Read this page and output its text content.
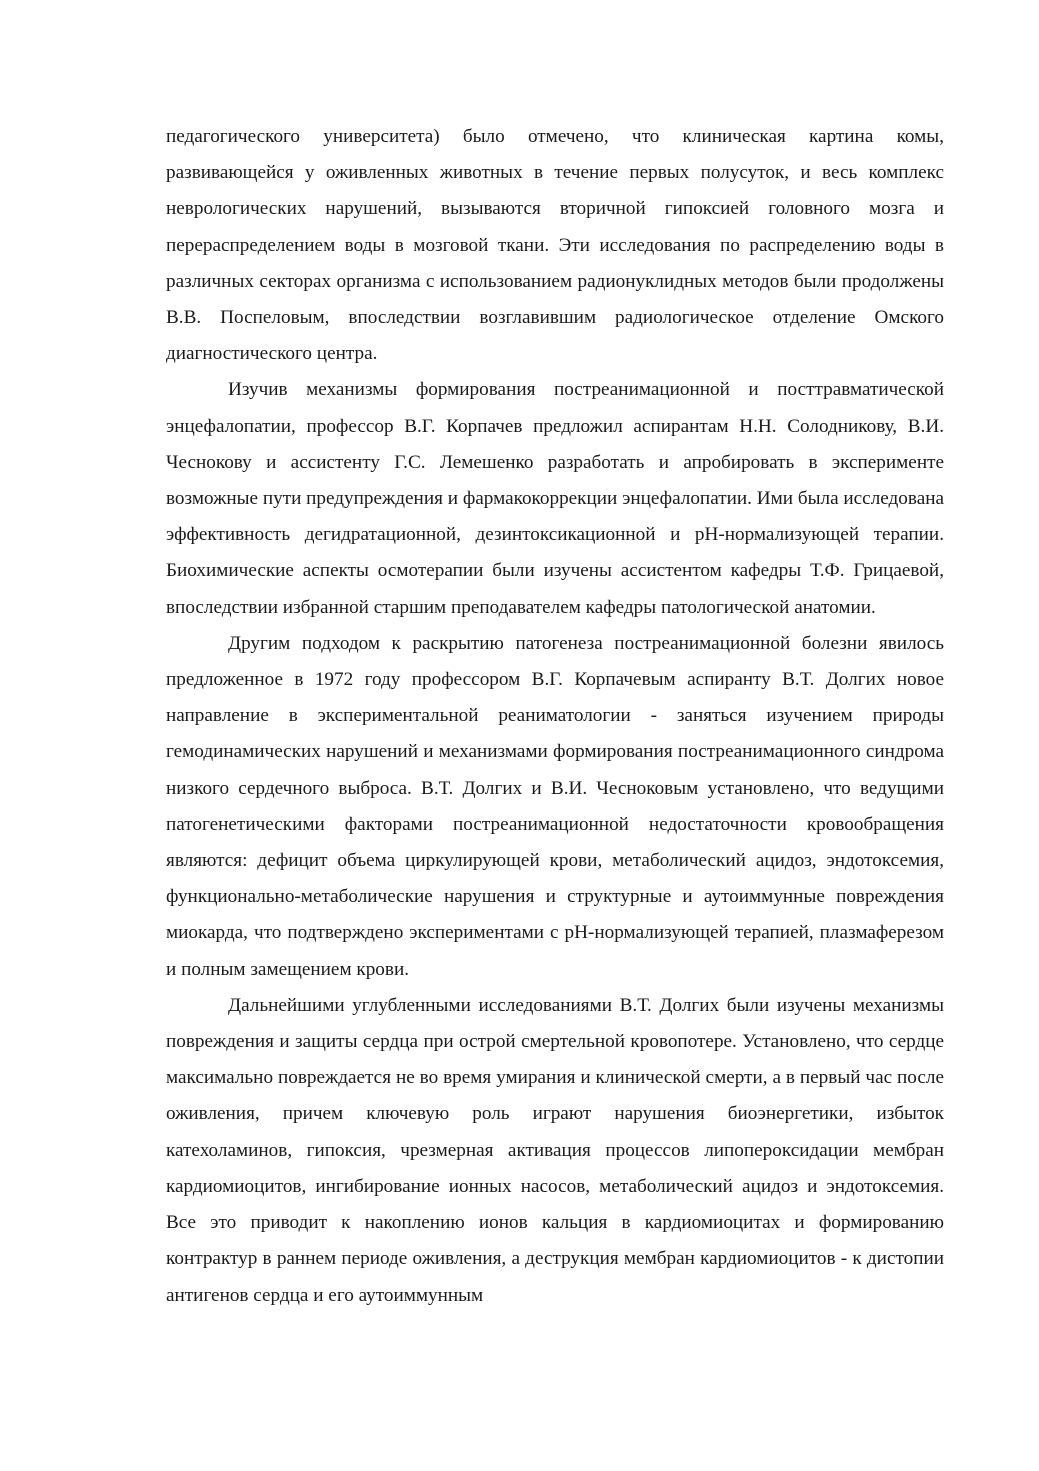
педагогического университета) было отмечено, что клиническая картина комы, развивающейся у оживленных животных в течение первых полусуток, и весь комплекс неврологических нарушений, вызываются вторичной гипоксией головного мозга и перераспределением воды в мозговой ткани. Эти исследования по распределению воды в различных секторах организма с использованием радионуклидных методов были продолжены В.В. Поспеловым, впоследствии возглавившим радиологическое отделение Омского диагностического центра.

Изучив механизмы формирования постреанимационной и посттравматической энцефалопатии, профессор В.Г. Корпачев предложил аспирантам Н.Н. Солодникову, В.И. Чеснокову и ассистенту Г.С. Лемешенко разработать и апробировать в эксперименте возможные пути предупреждения и фармакокоррекции энцефалопатии. Ими была исследована эффективность дегидратационной, дезинтоксикационной и pH-нормализующей терапии. Биохимические аспекты осмотерапии были изучены ассистентом кафедры Т.Ф. Грицаевой, впоследствии избранной старшим преподавателем кафедры патологической анатомии.

Другим подходом к раскрытию патогенеза постреанимационной болезни явилось предложенное в 1972 году профессором В.Г. Корпачевым аспиранту В.Т. Долгих новое направление в экспериментальной реаниматологии - заняться изучением природы гемодинамических нарушений и механизмами формирования постреанимационного синдрома низкого сердечного выброса. В.Т. Долгих и В.И. Чесноковым установлено, что ведущими патогенетическими факторами постреанимационной недостаточности кровообращения являются: дефицит объема циркулирующей крови, метаболический ацидоз, эндотоксемия, функционально-метаболические нарушения и структурные и аутоиммунные повреждения миокарда, что подтверждено экспериментами с pH-нормализующей терапией, плазмаферезом и полным замещением крови.

Дальнейшими углубленными исследованиями В.Т. Долгих были изучены механизмы повреждения и защиты сердца при острой смертельной кровопотере. Установлено, что сердце максимально повреждается не во время умирания и клинической смерти, а в первый час после оживления, причем ключевую роль играют нарушения биоэнергетики, избыток катехоламинов, гипоксия, чрезмерная активация процессов липопероксидации мембран кардиомиоцитов, ингибирование ионных насосов, метаболический ацидоз и эндотоксемия. Все это приводит к накоплению ионов кальция в кардиомиоцитах и формированию контрактур в раннем периоде оживления, а деструкция мембран кардиомиоцитов - к дистопии антигенов сердца и его аутоиммунным
